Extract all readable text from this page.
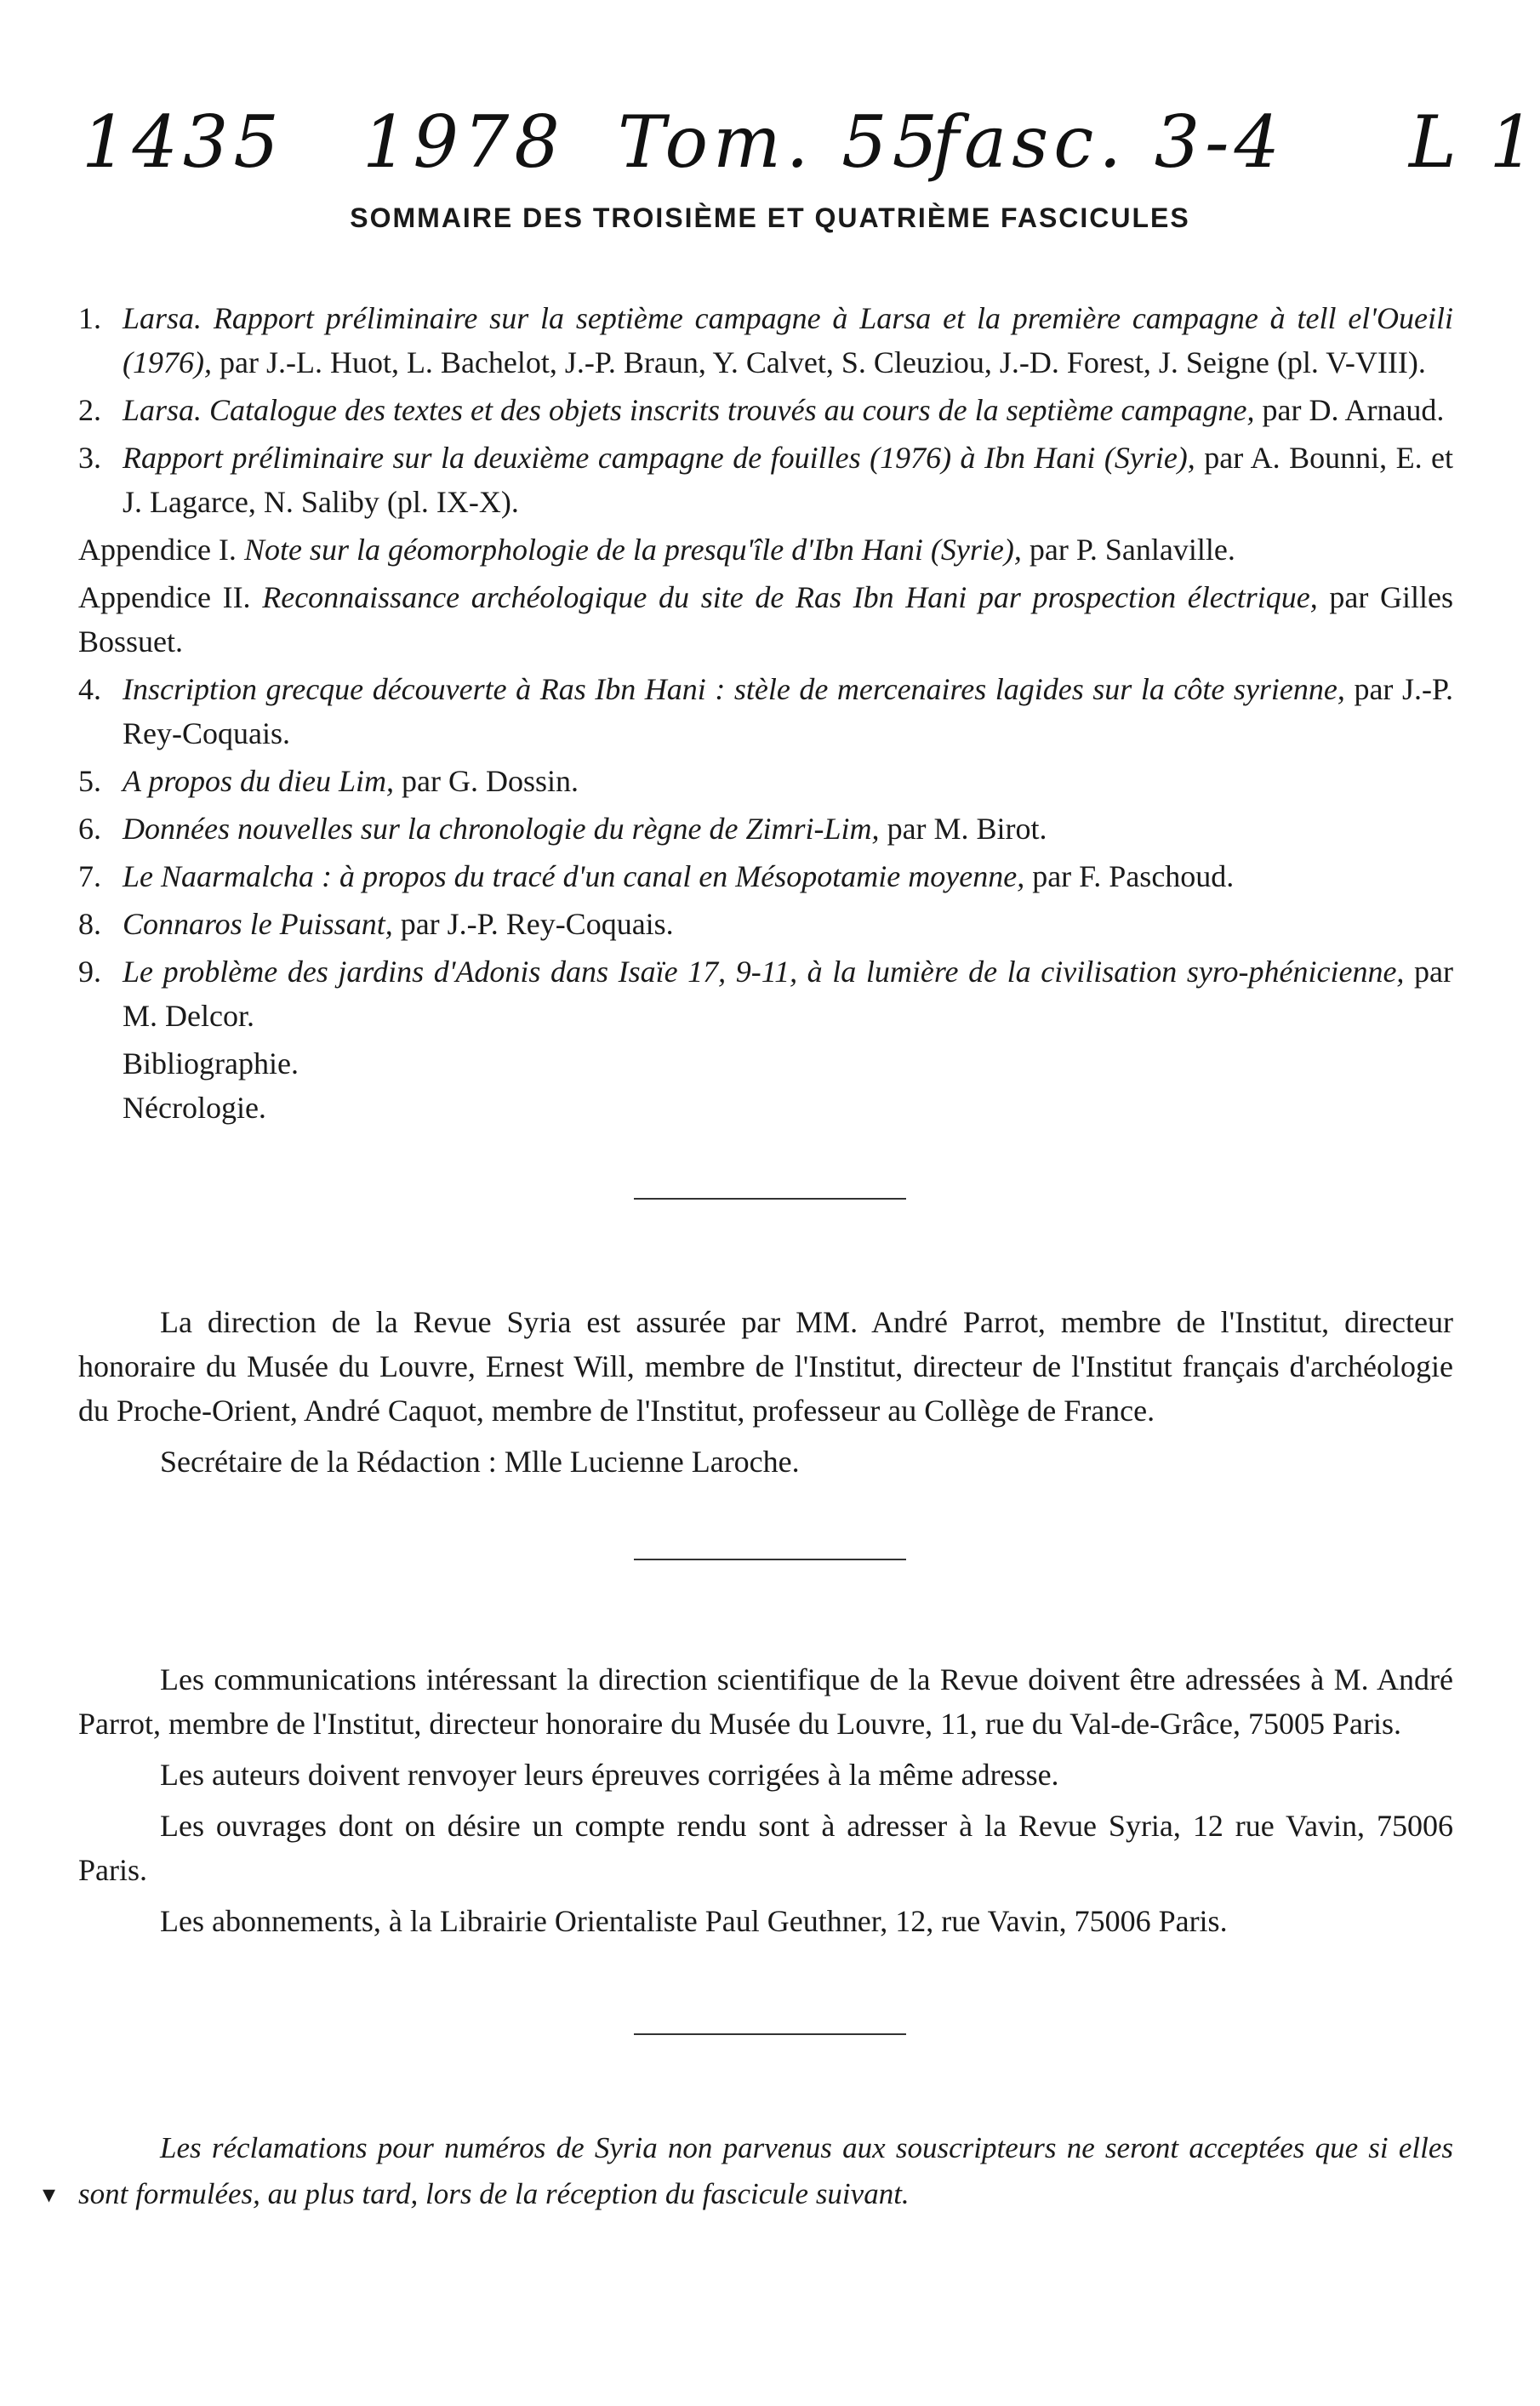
1435 1978 Tom. 55
fasc. 3-4 L 1
SOMMAIRE DES TROISIÈME ET QUATRIÈME FASCICULES
1. Larsa. Rapport préliminaire sur la septième campagne à Larsa et la première campagne à tell el'Oueili (1976), par J.-L. Huot, L. Bachelot, J.-P. Braun, Y. Calvet, S. Cleuziou, J.-D. Forest, J. Seigne (pl. V-VIII).
2. Larsa. Catalogue des textes et des objets inscrits trouvés au cours de la septième campagne, par D. Arnaud.
3. Rapport préliminaire sur la deuxième campagne de fouilles (1976) à Ibn Hani (Syrie), par A. Bounni, E. et J. Lagarce, N. Saliby (pl. IX-X).
Appendice I. Note sur la géomorphologie de la presqu'île d'Ibn Hani (Syrie), par P. Sanlaville.
Appendice II. Reconnaissance archéologique du site de Ras Ibn Hani par prospection électrique, par Gilles Bossuet.
4. Inscription grecque découverte à Ras Ibn Hani : stèle de mercenaires lagides sur la côte syrienne, par J.-P. Rey-Coquais.
5. A propos du dieu Lim, par G. Dossin.
6. Données nouvelles sur la chronologie du règne de Zimri-Lim, par M. Birot.
7. Le Naarmalcha : à propos du tracé d'un canal en Mésopotamie moyenne, par F. Paschoud.
8. Connaros le Puissant, par J.-P. Rey-Coquais.
9. Le problème des jardins d'Adonis dans Isaïe 17, 9-11, à la lumière de la civilisation syro-phénicienne, par M. Delcor.
Bibliographie.
Nécrologie.

La direction de la Revue Syria est assurée par MM. André Parrot, membre de l'Institut, directeur honoraire du Musée du Louvre, Ernest Will, membre de l'Institut, directeur de l'Institut français d'archéologie du Proche-Orient, André Caquot, membre de l'Institut, professeur au Collège de France.

Secrétaire de la Rédaction : Mlle Lucienne Laroche.

Les communications intéressant la direction scientifique de la Revue doivent être adressées à M. André Parrot, membre de l'Institut, directeur honoraire du Musée du Louvre, 11, rue du Val-de-Grâce, 75005 Paris.

Les auteurs doivent renvoyer leurs épreuves corrigées à la même adresse.

Les ouvrages dont on désire un compte rendu sont à adresser à la Revue Syria, 12 rue Vavin, 75006 Paris.

Les abonnements, à la Librairie Orientaliste Paul Geuthner, 12, rue Vavin, 75006 Paris.

Les réclamations pour numéros de Syria non parvenus aux souscripteurs ne seront acceptées que si elles sont formulées, au plus tard, lors de la réception du fascicule suivant.
▾
